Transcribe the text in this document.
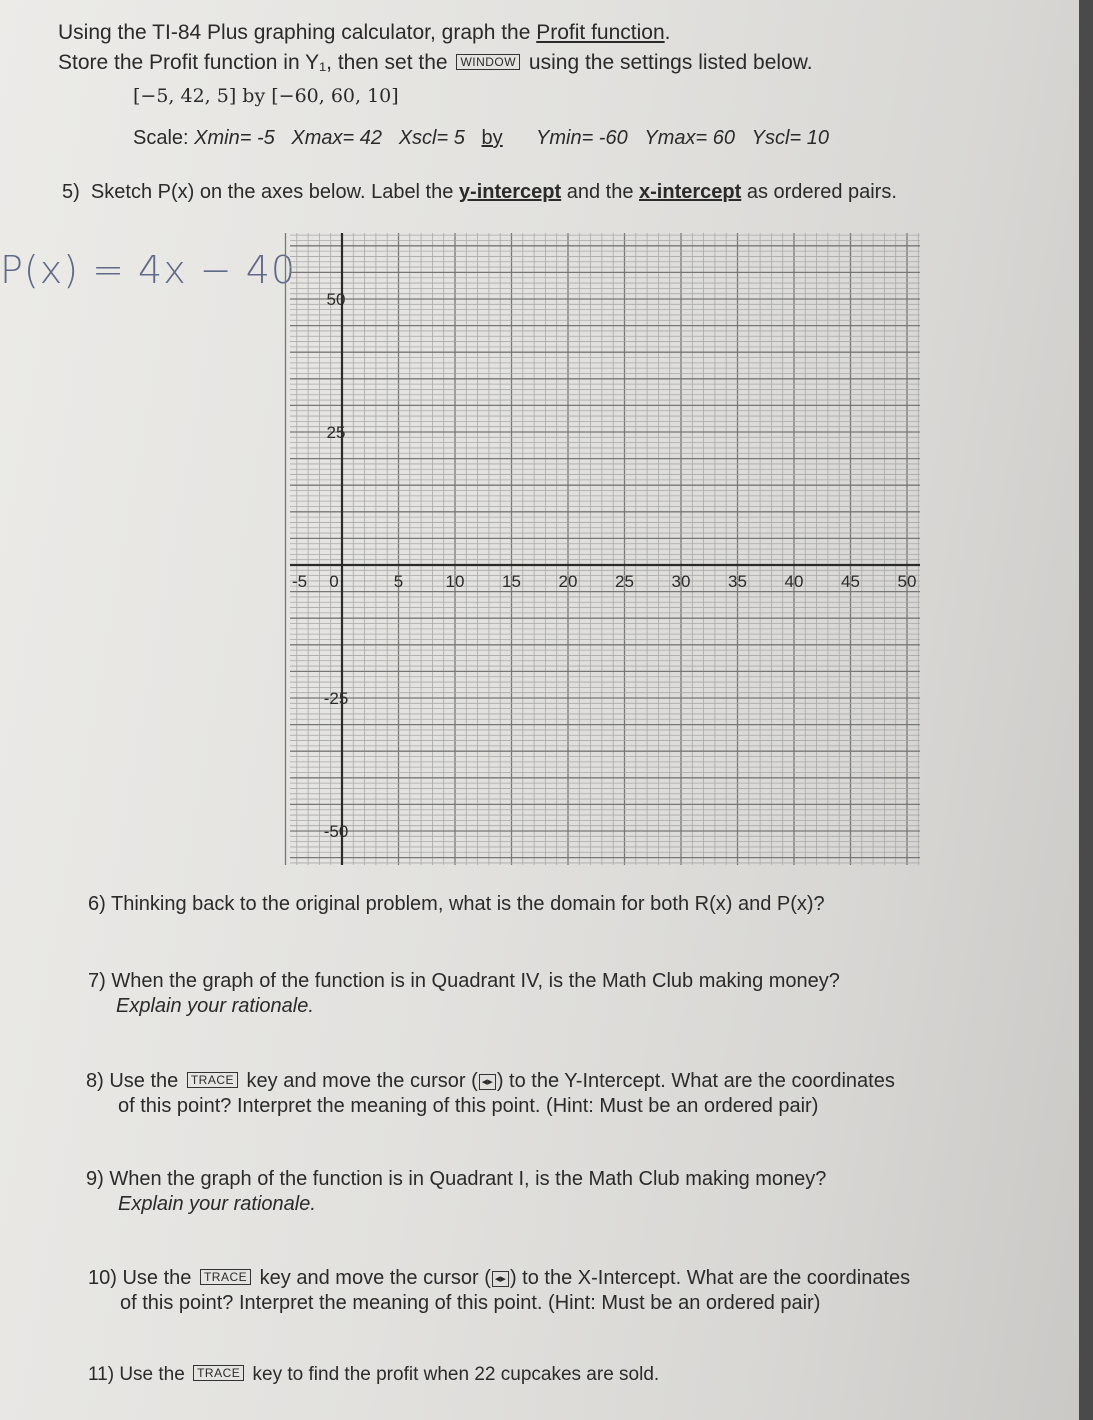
Using the TI-84 Plus graphing calculator, graph the Profit function.
Store the Profit function in Y₁, then set the WINDOW using the settings listed below.
[−5, 42, 5] by [−60, 60, 10]
Scale: Xmin= -5 Xmax= 42 Xscl= 5 by Ymin= -60 Ymax= 60 Yscl= 10
5) Sketch P(x) on the axes below. Label the y-intercept and the x-intercept as ordered pairs.
P(x) = 4x − 40
50
25
-25
-50
-5 0	5 10 15 20 25 30 35 40 45 50
6) Thinking back to the original problem, what is the domain for both R(x) and P(x)?
7) When the graph of the function is in Quadrant IV, is the Math Club making money?
Explain your rationale.
8) Use the TRACE key and move the cursor ( ◂▸ ) to the Y-Intercept. What are the coordinates
of this point? Interpret the meaning of this point. (Hint: Must be an ordered pair)
9) When the graph of the function is in Quadrant I, is the Math Club making money?
Explain your rationale.
10) Use the TRACE key and move the cursor ( ◂▸ ) to the X-Intercept. What are the coordinates
of this point? Interpret the meaning of this point. (Hint: Must be an ordered pair)
11) Use the TRACE key to find the profit when 22 cupcakes are sold.
